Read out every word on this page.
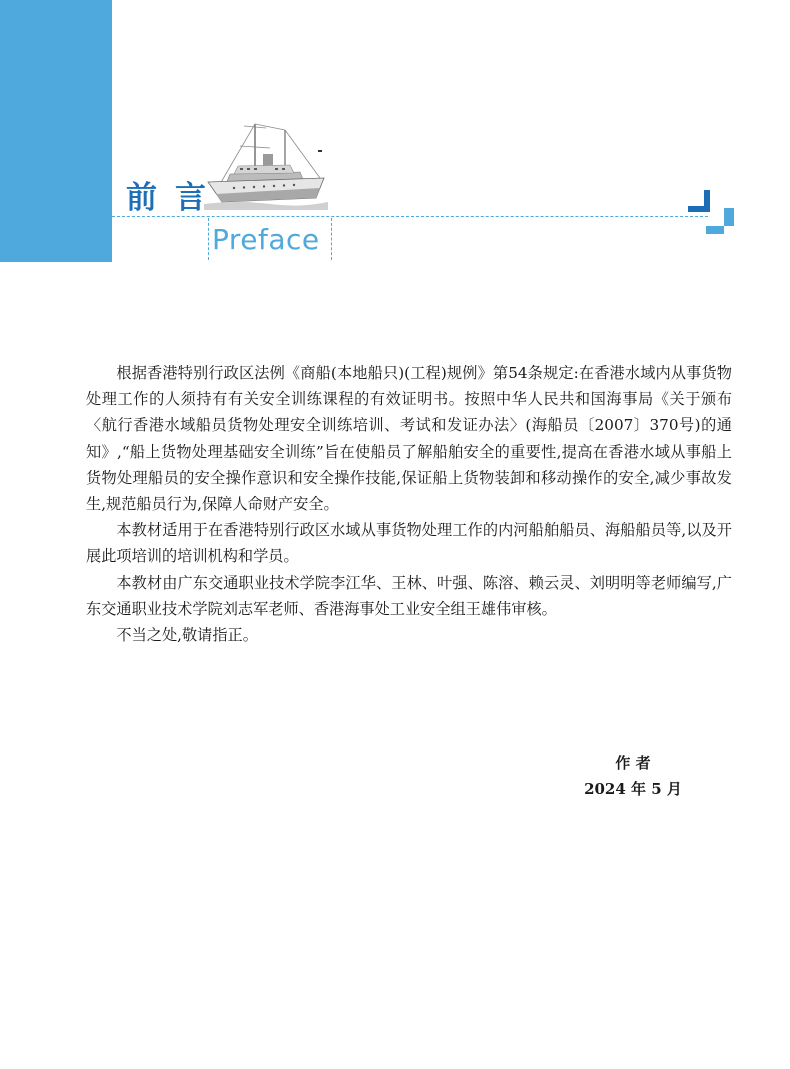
前言
Preface

根据香港特别行政区法例《商船(本地船只)(工程)规例》第54条规定:在香港水域内从事货物处理工作的人须持有有关安全训练课程的有效证明书。按照中华人民共和国海事局《关于颁布〈航行香港水域船员货物处理安全训练培训、考试和发证办法〉(海船员〔2007〕370号)的通知》,“船上货物处理基础安全训练”旨在使船员了解船舶安全的重要性,提高在香港水域从事船上货物处理船员的安全操作意识和安全操作技能,保证船上货物装卸和移动操作的安全,减少事故发生,规范船员行为,保障人命财产安全。

本教材适用于在香港特别行政区水域从事货物处理工作的内河船舶船员、海船船员等,以及开展此项培训的培训机构和学员。

本教材由广东交通职业技术学院李江华、王林、叶强、陈溶、赖云灵、刘明明等老师编写,广东交通职业技术学院刘志军老师、香港海事处工业安全组王雄伟审核。

不当之处,敬请指正。

作 者
2024 年 5 月
